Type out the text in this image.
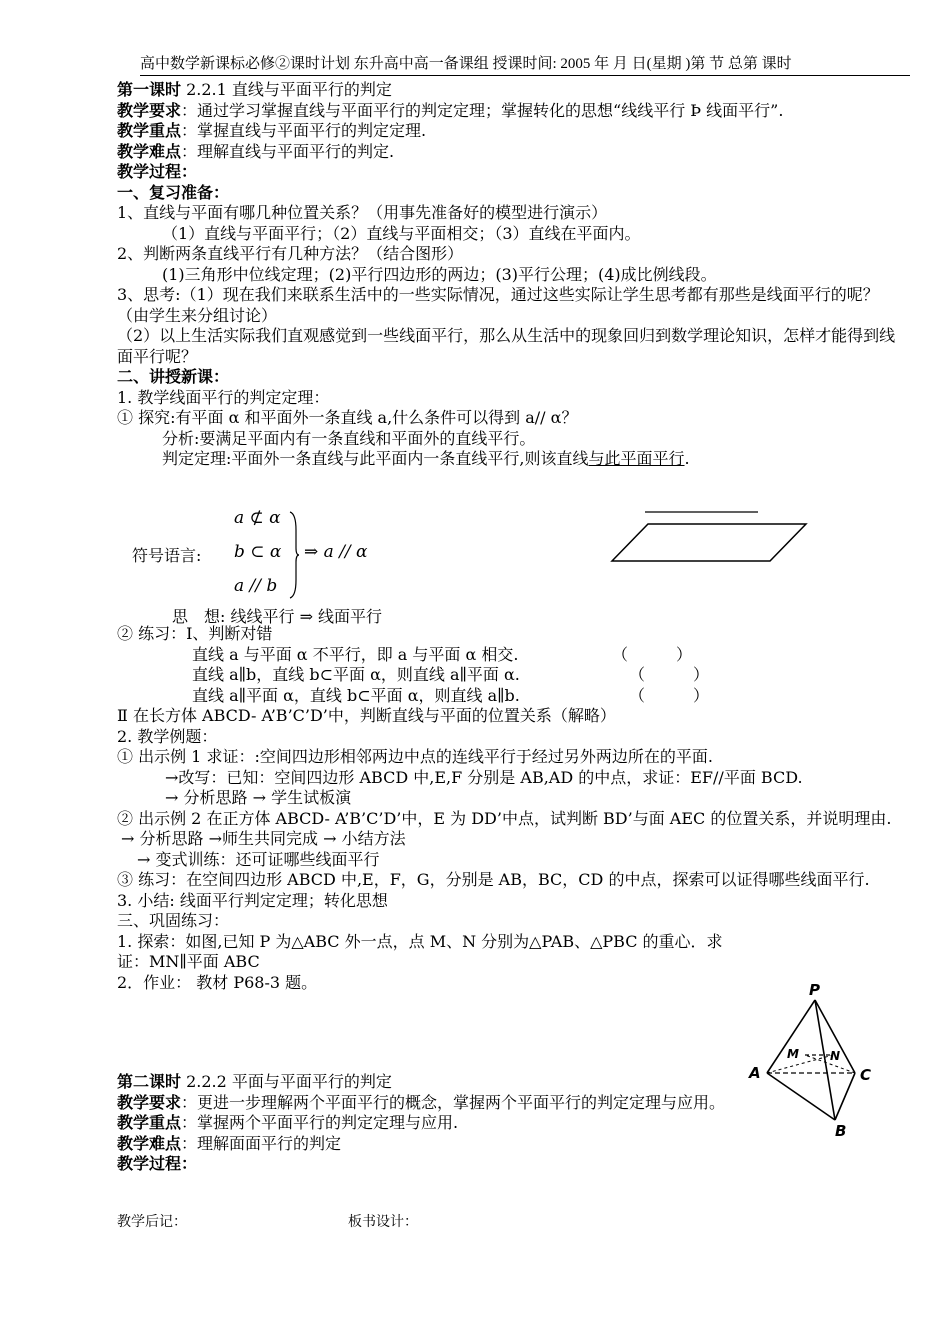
高中数学新课标必修②课时计划 东升高中高一备课组 授课时间: 2005 年 月 日(星期 )第 节 总第 课时
第一课时 2.2.1 直线与平面平行的判定
教学要求：通过学习掌握直线与平面平行的判定定理；掌握转化的思想“线线平行 Þ 线面平行”.
教学重点：掌握直线与平面平行的判定定理.
教学难点：理解直线与平面平行的判定.
教学过程：
一、复习准备：
1、直线与平面有哪几种位置关系？（用事先准备好的模型进行演示）
（1）直线与平面平行；（2）直线与平面相交；（3）直线在平面内。
2、判断两条直线平行有几种方法？（结合图形）
(1)三角形中位线定理；(2)平行四边形的两边；(3)平行公理；(4)成比例线段。
3、思考:（1）现在我们来联系生活中的一些实际情况，通过这些实际让学生思考都有那些是线面平行的呢？ （由学生来分组讨论）
（2）以上生活实际我们直观感觉到一些线面平行，那么从生活中的现象回归到数学理论知识，怎样才能得到线面平行呢？
二、讲授新课：
1. 教学线面平行的判定定理：
① 探究:有平面 α 和平面外一条直线 a,什么条件可以得到 a// α？
分析:要满足平面内有一条直线和平面外的直线平行。
判定定理:平面外一条直线与此平面内一条直线平行,则该直线与此平面平行.
符号语言:
a ⊄ α
b ⊂ α
a // b
⇒ a // α
思　想: 线线平行 ⇒ 线面平行
② 练习：Ⅰ、判断对错
直线 a 与平面 α 不平行，即 a 与平面 α 相交.	（　　　）
直线 a∥b，直线 b⊂平面 α，则直线 a∥平面 α.	（　　　）
直线 a∥平面 α，直线 b⊂平面 α，则直线 a∥b.	（　　　）
Ⅱ 在长方体 ABCD- A’B’C’D’中，判断直线与平面的位置关系（解略）
2. 教学例题：
① 出示例 1 求证：:空间四边形相邻两边中点的连线平行于经过另外两边所在的平面.
→改写：已知：空间四边形 ABCD 中,E,F 分别是 AB,AD 的中点，求证：EF//平面 BCD.
→ 分析思路 → 学生试板演
② 出示例 2 在正方体 ABCD- A’B’C’D’中，E 为 DD’中点，试判断 BD’与面 AEC 的位置关系，并说明理由.
→ 分析思路 →师生共同完成 → 小结方法
→ 变式训练：还可证哪些线面平行
③ 练习：在空间四边形 ABCD 中,E，F，G，分别是 AB，BC，CD 的中点，探索可以证得哪些线面平行.
3. 小结: 线面平行判定定理；转化思想
三、巩固练习：
1. 探索：如图,已知 P 为△ABC 外一点，点 M、N 分别为△PAB、△PBC 的重心．求证：MN∥平面 ABC
2．作业： 教材 P68-3 题。
第二课时 2.2.2 平面与平面平行的判定
教学要求：更进一步理解两个平面平行的概念，掌握两个平面平行的判定定理与应用。
教学重点：掌握两个平面平行的判定定理与应用.
教学难点：理解面面平行的判定
教学过程：
P
A	C
B
M	N
教学后记：	板书设计：
